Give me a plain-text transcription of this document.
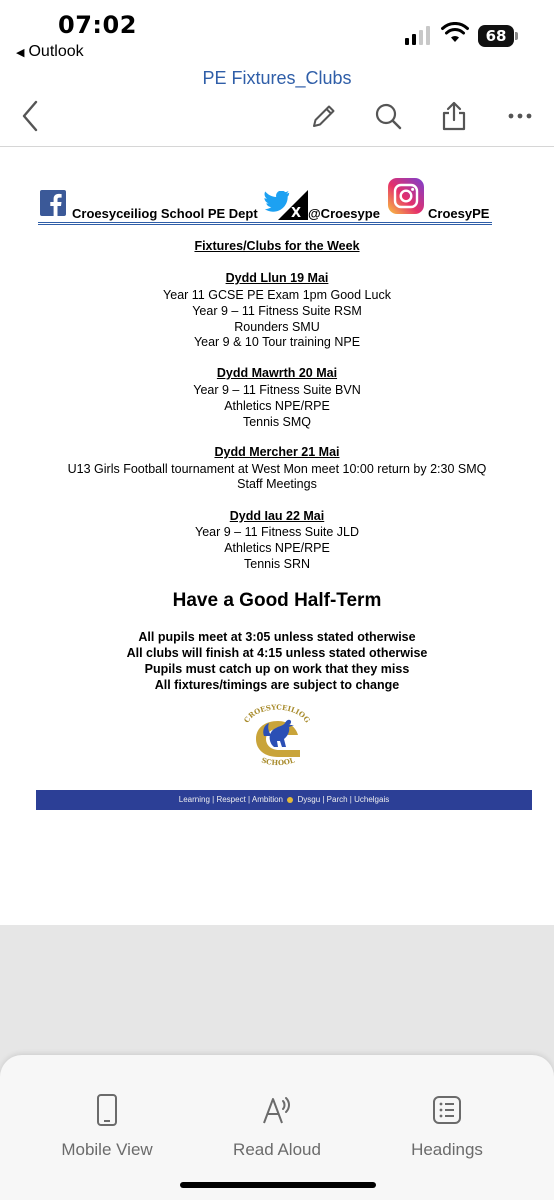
07:02
◀ Outlook
68
PE Fixtures_Clubs
Croesyceiliog School PE Dept	X @Croesype	CroesyPE
Fixtures/Clubs for the Week
Dydd Llun 19 Mai
Year 11 GCSE PE Exam 1pm Good Luck
Year 9 – 11 Fitness Suite RSM
Rounders SMU
Year 9 & 10 Tour training NPE
Dydd Mawrth 20 Mai
Year 9 – 11 Fitness Suite BVN
Athletics NPE/RPE
Tennis SMQ
Dydd Mercher 21 Mai
U13 Girls Football tournament at West Mon meet 10:00 return by 2:30 SMQ
Staff Meetings
Dydd Iau 22 Mai
Year 9 – 11 Fitness Suite JLD
Athletics NPE/RPE
Tennis SRN
Have a Good Half-Term
All pupils meet at 3:05 unless stated otherwise
All clubs will finish at 4:15 unless stated otherwise
Pupils must catch up on work that they miss
All fixtures/timings are subject to change
CROESYCEILIOG
SCHOOL
Learning | Respect | Ambition Dysgu | Parch | Uchelgais
Mobile View	Read Aloud	Headings
